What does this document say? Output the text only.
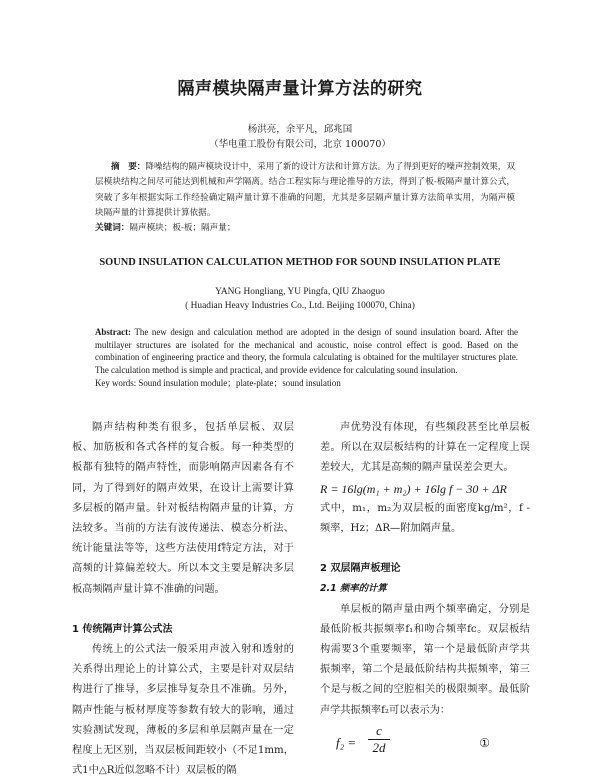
隔声模块隔声量计算方法的研究
杨洪亮，余平凡，邱兆国
（华电重工股份有限公司，北京 100070）
摘　要：降噪结构的隔声模块设计中，采用了新的设计方法和计算方法。为了得到更好的噪声控制效果，双层模块结构之间尽可能达到机械和声学隔离。结合工程实际与理论推导的方法，得到了板-板隔声量计算公式，突破了多年根据实际工作经验确定隔声量计算不准确的问题，尤其是多层隔声量计算方法简单实用，为隔声模块隔声量的计算提供计算依据。
关键词：隔声模块；板-板；隔声量；
SOUND INSULATION CALCULATION METHOD FOR SOUND INSULATION PLATE
YANG Hongliang, YU Pingfa, QIU Zhaoguo
( Huadian Heavy Industries Co., Ltd. Beijing 100070, China)
Abstract: The new design and calculation method are adopted in the design of sound insulation board. After the multilayer structures are isolated for the mechanical and acoustic, noise control effect is good. Based on the combination of engineering practice and theory, the formula calculating is obtained for the multilayer structures plate. The calculation method is simple and practical, and provide evidence for calculating sound insulation.
Key words: Sound insulation module；plate-plate；sound insulation

隔声结构种类有很多，包括单层板、双层板、加筋板和各式各样的复合板。每一种类型的板都有独特的隔声特性，而影响隔声因素各有不同，为了得到好的隔声效果，在设计上需要计算多层板的隔声量。针对板结构隔声量的计算，方法较多。当前的方法有波传递法、模态分析法、统计能量法等等，这些方法使用f特定方法，对于高频的计算偏差较大。所以本文主要是解决多层板高频隔声量计算不准确的问题。

1 传统隔声计算公式法

传统上的公式法一般采用声波入射和透射的关系得出理论上的计算公式，主要是针对双层结构进行了推导，多层推导复杂且不准确。另外，隔声性能与板材厚度等参数有较大的影响，通过实验测试发现，薄板的多层和单层隔声量在一定程度上无区别，当双层板间距较小（不足1mm，式1中△R近似忽略不计）双层板的隔

声优势没有体现，有些频段甚至比单层板差。所以在双层板结构的计算在一定程度上误差较大，尤其是高频的隔声量误差会更大。

R = 16lg(m₁ + m₂) + 16lg f − 30 + ΔR

式中，m₁，m₂为双层板的面密度kg/m²，f -频率，Hz；ΔR—附加隔声量。

2 双层隔声板理论

2.1 频率的计算

单层板的隔声量由两个频率确定，分别是最低阶板共振频率f₁和吻合频率fc。双层板结构需要3个重要频率，第一个是最低阶声学共振频率，第二个是最低阶结构共振频率，第三个是与板之间的空腔相关的极限频率。最低阶声学共振频率f₂可以表示为：

f₂ =
c
2d	①
